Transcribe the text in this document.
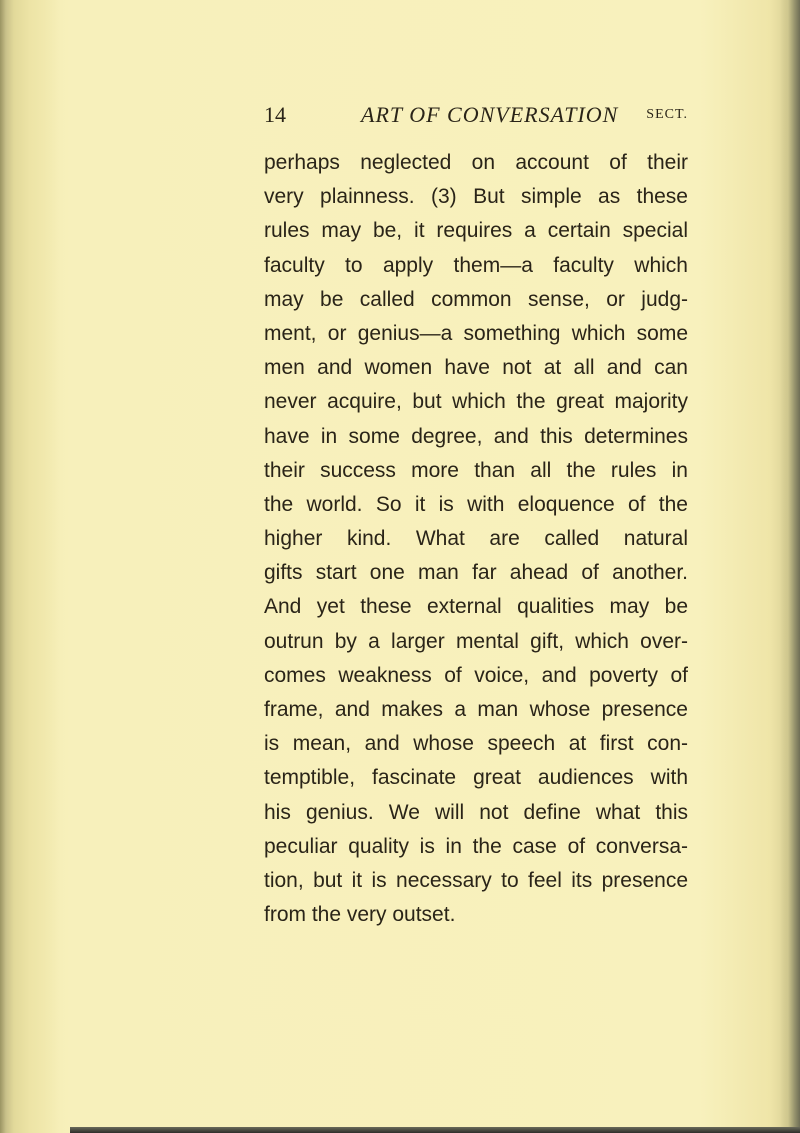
14	ART OF CONVERSATION SECT.
perhaps neglected on account of their
very plainness. (3) But simple as these
rules may be, it requires a certain special
faculty to apply them—a faculty which
may be called common sense, or judg-
ment, or genius—a something which some
men and women have not at all and can
never acquire, but which the great majority
have in some degree, and this determines
their success more than all the rules in
the world. So it is with eloquence of the
higher kind. What are called natural
gifts start one man far ahead of another.
And yet these external qualities may be
outrun by a larger mental gift, which over-
comes weakness of voice, and poverty of
frame, and makes a man whose presence
is mean, and whose speech at first con-
temptible, fascinate great audiences with
his genius. We will not define what this
peculiar quality is in the case of conversa-
tion, but it is necessary to feel its presence
from the very outset.
